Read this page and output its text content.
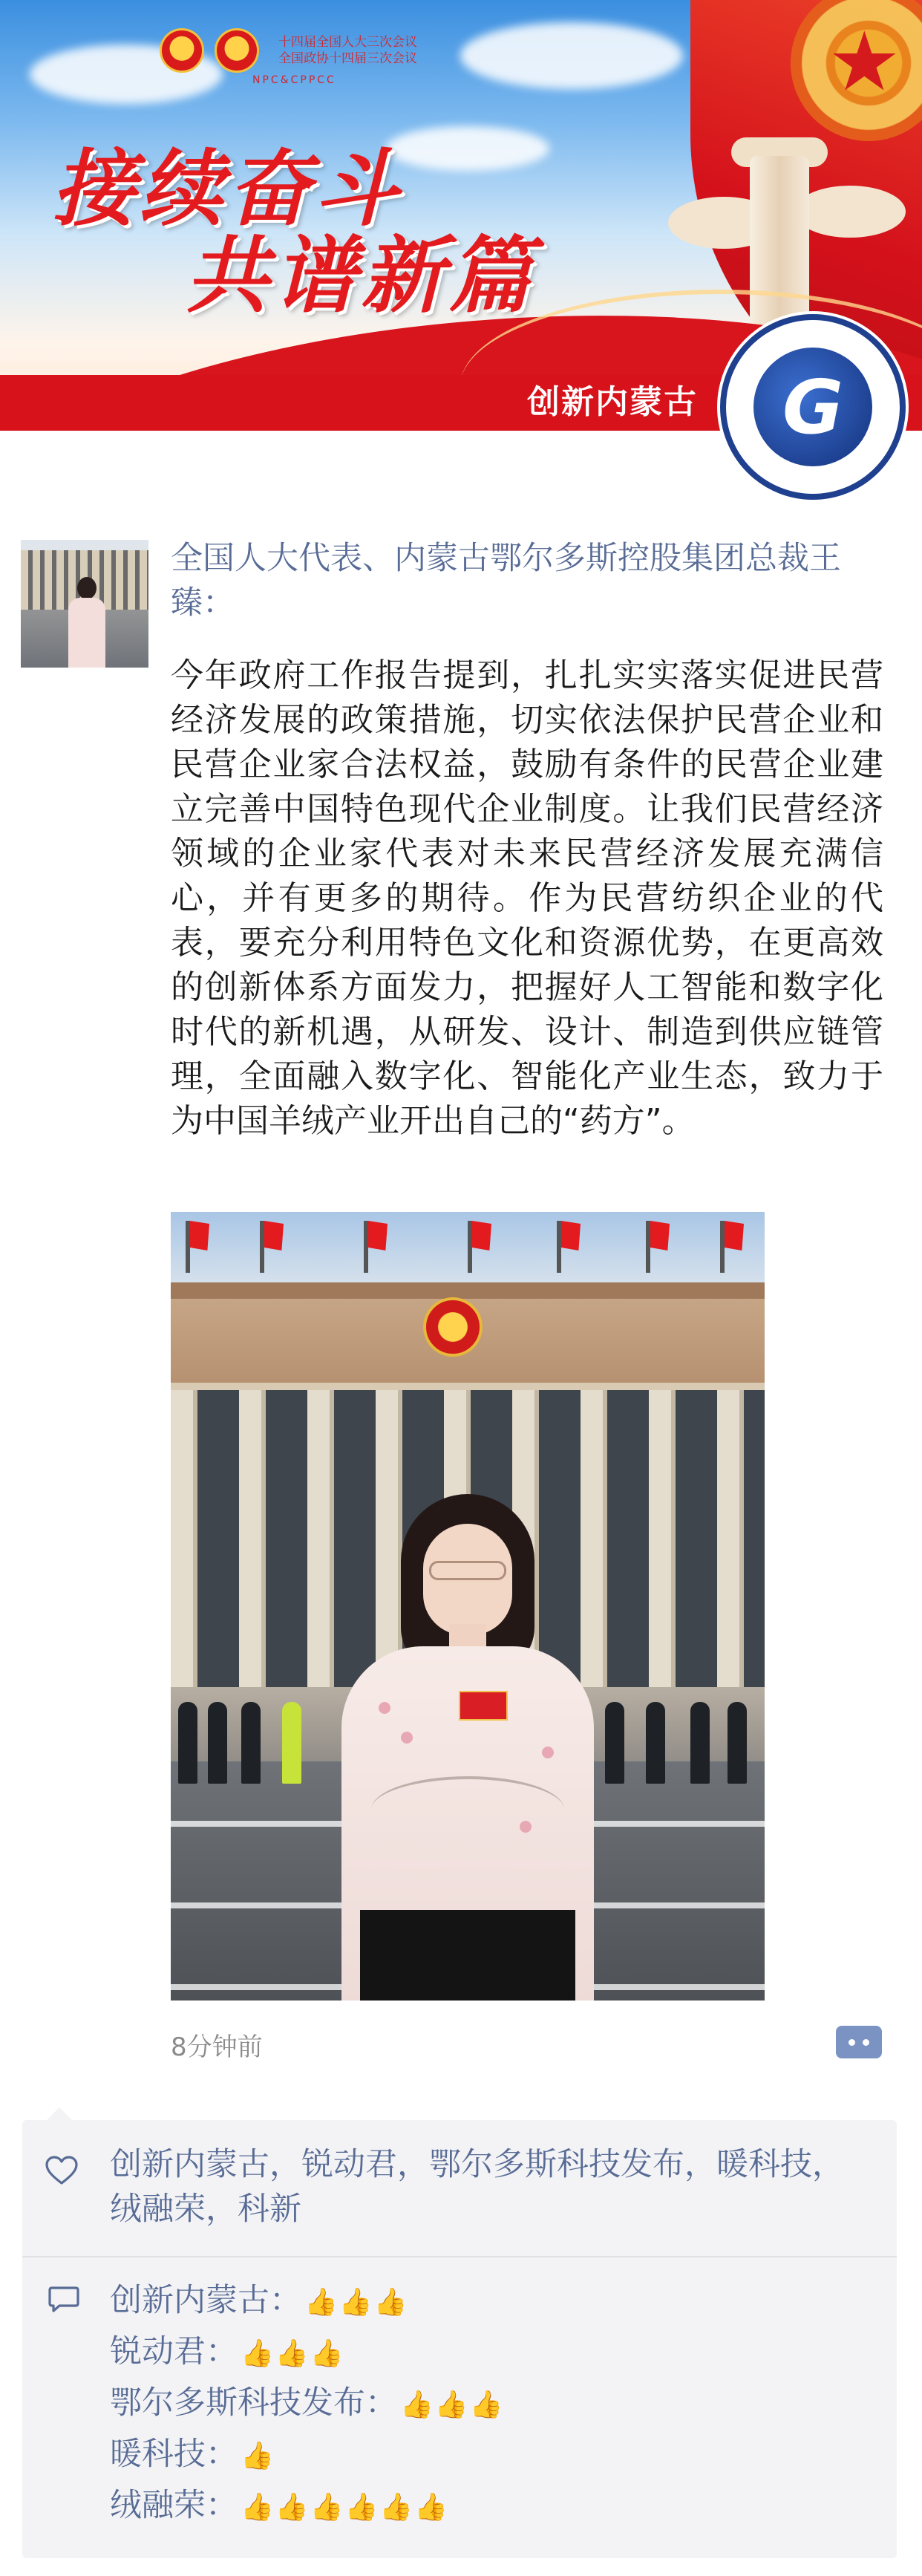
★
十四届全国人大三次会议
全国政协十四届三次会议
NPC&CPPCC
接续奋斗
共谱新篇
创新内蒙古	G
全国人大代表、内蒙古鄂尔多斯控股集团总裁王臻：
今年政府工作报告提到，扎扎实实落实促进民营经济发展的政策措施，切实依法保护民营企业和民营企业家合法权益，鼓励有条件的民营企业建立完善中国特色现代企业制度。让我们民营经济领域的企业家代表对未来民营经济发展充满信心，并有更多的期待。作为民营纺织企业的代表，要充分利用特色文化和资源优势，在更高效的创新体系方面发力，把握好人工智能和数字化时代的新机遇，从研发、设计、制造到供应链管理，全面融入数字化、智能化产业生态，致力于为中国羊绒产业开出自己的“药方”。
8分钟前
创新内蒙古，锐动君，鄂尔多斯科技发布，暖科技，绒融荣，科新
创新内蒙古： 👍👍👍
锐动君： 👍👍👍
鄂尔多斯科技发布： 👍👍👍
暖科技： 👍
绒融荣： 👍👍👍👍👍👍
